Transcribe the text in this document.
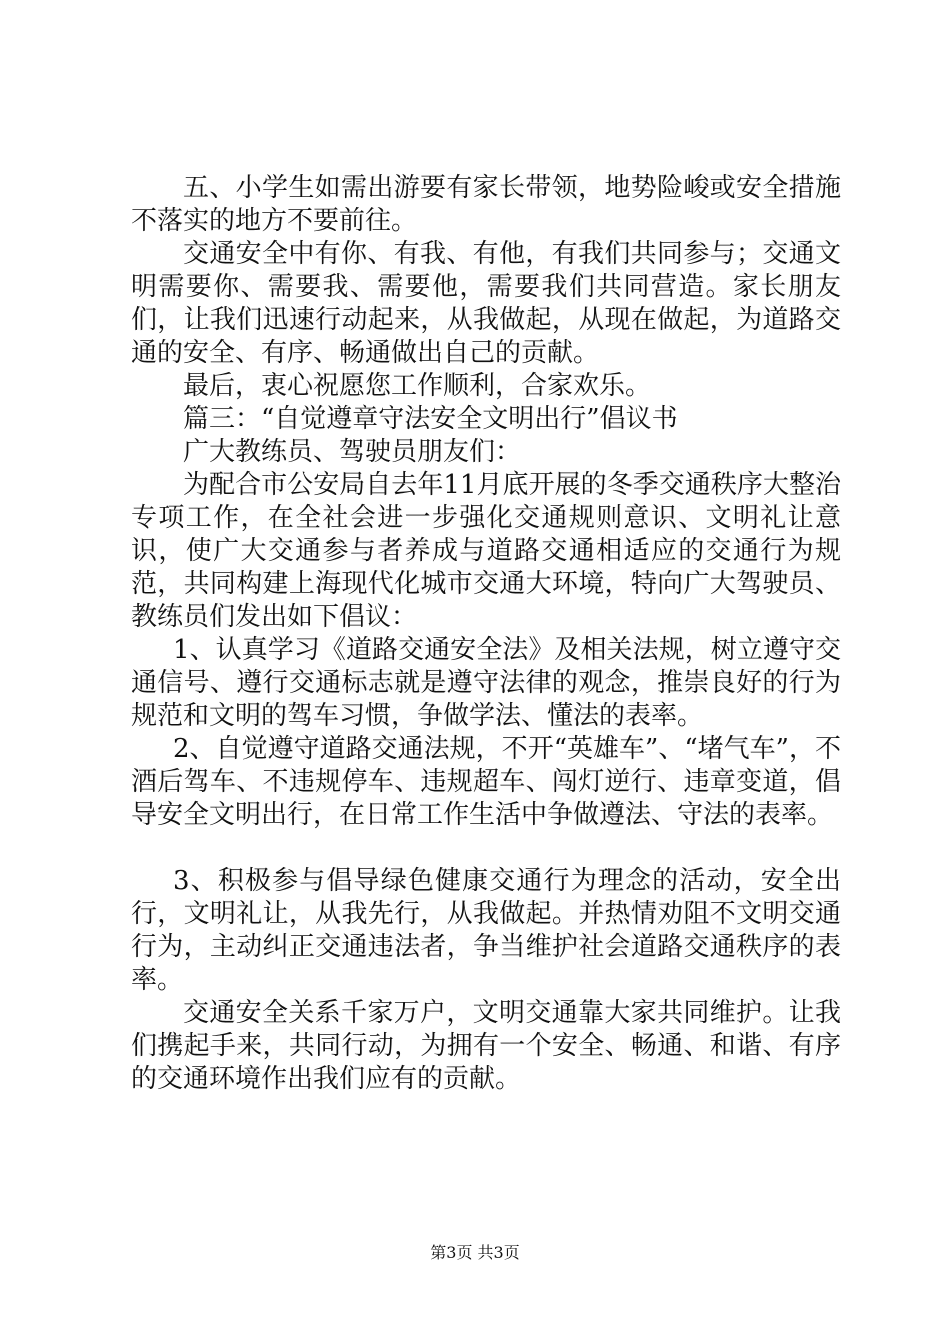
五、小学生如需出游要有家长带领，地势险峻或安全措施不落实的地方不要前往。

交通安全中有你、有我、有他，有我们共同参与；交通文明需要你、需要我、需要他，需要我们共同营造。家长朋友们，让我们迅速行动起来，从我做起，从现在做起，为道路交通的安全、有序、畅通做出自己的贡献。

最后，衷心祝愿您工作顺利，合家欢乐。

篇三：“自觉遵章守法安全文明出行”倡议书

广大教练员、驾驶员朋友们：

为配合市公安局自去年11月底开展的冬季交通秩序大整治专项工作，在全社会进一步强化交通规则意识、文明礼让意识，使广大交通参与者养成与道路交通相适应的交通行为规范，共同构建上海现代化城市交通大环境，特向广大驾驶员、教练员们发出如下倡议：

1、认真学习《道路交通安全法》及相关法规，树立遵守交通信号、遵行交通标志就是遵守法律的观念，推崇良好的行为规范和文明的驾车习惯，争做学法、懂法的表率。

2、自觉遵守道路交通法规，不开“英雄车”、“堵气车”，不酒后驾车、不违规停车、违规超车、闯灯逆行、违章变道，倡导安全文明出行，在日常工作生活中争做遵法、守法的表率。

3、积极参与倡导绿色健康交通行为理念的活动，安全出行，文明礼让，从我先行，从我做起。并热情劝阻不文明交通行为，主动纠正交通违法者，争当维护社会道路交通秩序的表率。

交通安全关系千家万户，文明交通靠大家共同维护。让我们携起手来，共同行动，为拥有一个安全、畅通、和谐、有序的交通环境作出我们应有的贡献。

第3页 共3页
